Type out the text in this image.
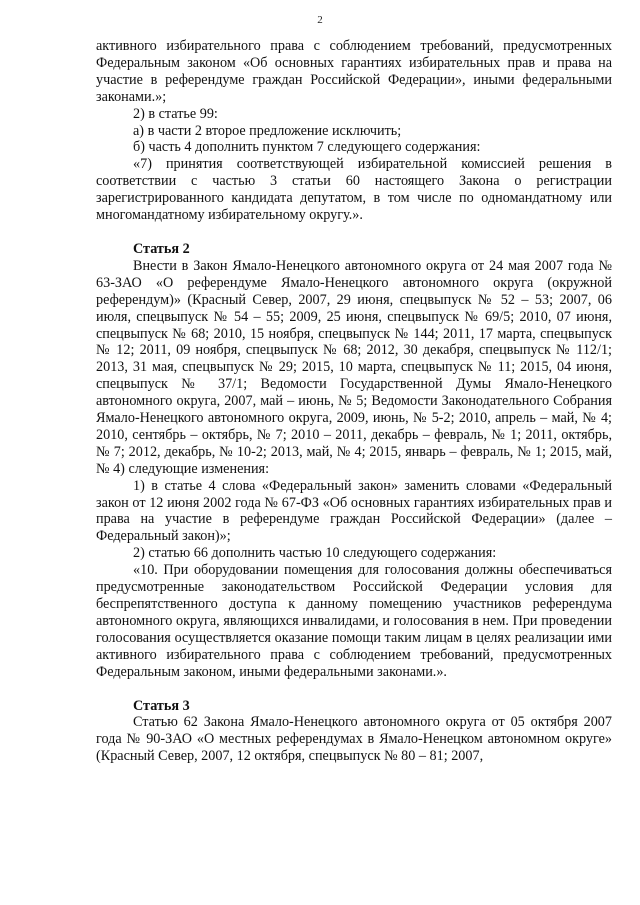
2

активного избирательного права с соблюдением требований, предусмотренных Федеральным законом «Об основных гарантиях избирательных прав и права на участие в референдуме граждан Российской Федерации», иными федеральными законами.»;

2) в статье 99:

а) в части 2 второе предложение исключить;

б) часть 4 дополнить пунктом 7 следующего содержания:

«7) принятия соответствующей избирательной комиссией решения в соответствии с частью 3 статьи 60 настоящего Закона о регистрации зарегистрированного кандидата депутатом, в том числе по одномандатному или многомандатному избирательному округу.».

Статья 2

Внести в Закон Ямало-Ненецкого автономного округа от 24 мая 2007 года № 63-ЗАО «О референдуме Ямало-Ненецкого автономного округа (окружной референдум)» (Красный Север, 2007, 29 июня, спецвыпуск № 52 – 53; 2007, 06 июля, спецвыпуск № 54 – 55; 2009, 25 июня, спецвыпуск № 69/5; 2010, 07 июня, спецвыпуск № 68; 2010, 15 ноября, спецвыпуск № 144; 2011, 17 марта, спецвыпуск № 12; 2011, 09 ноября, спецвыпуск № 68; 2012, 30 декабря, спецвыпуск № 112/1; 2013, 31 мая, спецвыпуск № 29; 2015, 10 марта, спецвыпуск № 11; 2015, 04 июня, спецвыпуск № 37/1; Ведомости Государственной Думы Ямало-Ненецкого автономного округа, 2007, май – июнь, № 5; Ведомости Законодательного Собрания Ямало-Ненецкого автономного округа, 2009, июнь, № 5-2; 2010, апрель – май, № 4; 2010, сентябрь – октябрь, № 7; 2010 – 2011, декабрь – февраль, № 1; 2011, октябрь, № 7; 2012, декабрь, № 10-2; 2013, май, № 4; 2015, январь – февраль, № 1; 2015, май, № 4) следующие изменения:

1) в статье 4 слова «Федеральный закон» заменить словами «Федеральный закон от 12 июня 2002 года № 67-ФЗ «Об основных гарантиях избирательных прав и права на участие в референдуме граждан Российской Федерации» (далее – Федеральный закон)»;

2) статью 66 дополнить частью 10 следующего содержания:

«10. При оборудовании помещения для голосования должны обеспечиваться предусмотренные законодательством Российской Федерации условия для беспрепятственного доступа к данному помещению участников референдума автономного округа, являющихся инвалидами, и голосования в нем. При проведении голосования осуществляется оказание помощи таким лицам в целях реализации ими активного избирательного права с соблюдением требований, предусмотренных Федеральным законом, иными федеральными законами.».

Статья 3

Статью 62 Закона Ямало-Ненецкого автономного округа от 05 октября 2007 года № 90-ЗАО «О местных референдумах в Ямало-Ненецком автономном округе» (Красный Север, 2007, 12 октября, спецвыпуск № 80 – 81; 2007,
